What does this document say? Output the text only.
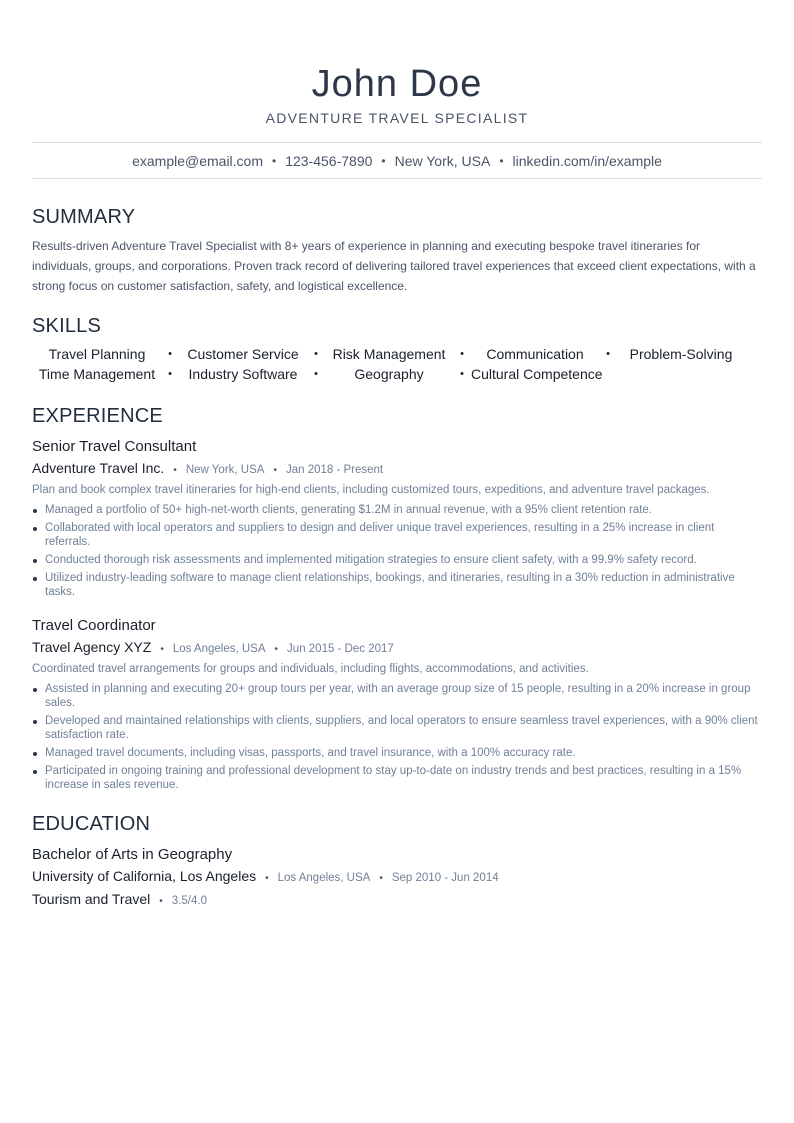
John Doe
ADVENTURE TRAVEL SPECIALIST
example@email.com • 123-456-7890 • New York, USA • linkedin.com/in/example
SUMMARY
Results-driven Adventure Travel Specialist with 8+ years of experience in planning and executing bespoke travel itineraries for individuals, groups, and corporations. Proven track record of delivering tailored travel experiences that exceed client expectations, with a strong focus on customer satisfaction, safety, and logistical excellence.
SKILLS
Travel Planning	•	Customer Service	•	Risk Management	•	Communication	•	Problem-Solving
Time Management	•	Industry Software	•	Geography	• Cultural Competence
EXPERIENCE
Senior Travel Consultant
Adventure Travel Inc. • New York, USA • Jan 2018 - Present
Plan and book complex travel itineraries for high-end clients, including customized tours, expeditions, and adventure travel packages.
Managed a portfolio of 50+ high-net-worth clients, generating $1.2M in annual revenue, with a 95% client retention rate.
Collaborated with local operators and suppliers to design and deliver unique travel experiences, resulting in a 25% increase in client referrals.
Conducted thorough risk assessments and implemented mitigation strategies to ensure client safety, with a 99.9% safety record.
Utilized industry-leading software to manage client relationships, bookings, and itineraries, resulting in a 30% reduction in administrative tasks.
Travel Coordinator
Travel Agency XYZ • Los Angeles, USA • Jun 2015 - Dec 2017
Coordinated travel arrangements for groups and individuals, including flights, accommodations, and activities.
Assisted in planning and executing 20+ group tours per year, with an average group size of 15 people, resulting in a 20% increase in group sales.
Developed and maintained relationships with clients, suppliers, and local operators to ensure seamless travel experiences, with a 90% client satisfaction rate.
Managed travel documents, including visas, passports, and travel insurance, with a 100% accuracy rate.
Participated in ongoing training and professional development to stay up-to-date on industry trends and best practices, resulting in a 15% increase in sales revenue.
EDUCATION
Bachelor of Arts in Geography
University of California, Los Angeles • Los Angeles, USA • Sep 2010 - Jun 2014
Tourism and Travel • 3.5/4.0
